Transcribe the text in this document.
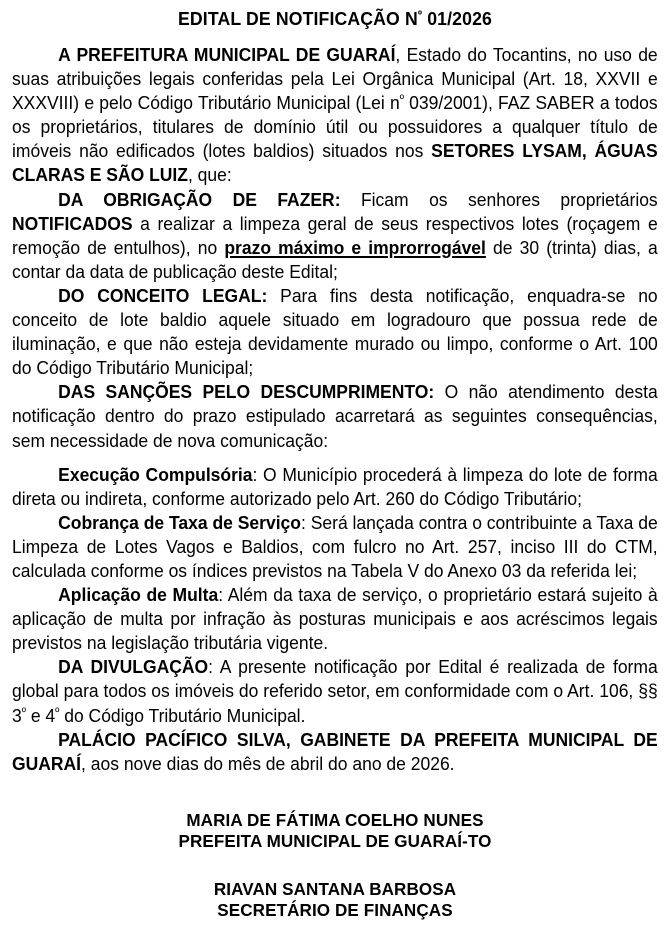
EDITAL DE NOTIFICAÇÃO $N^º$ 01/2026

A PREFEITURA MUNICIPAL DE GUARAÍ, Estado do Tocantins, no uso de suas atribuições legais conferidas pela Lei Orgânica Municipal (Art. 18, XXVII e XXXVIII) e pelo Código Tributário Municipal (Lei $n^º$ 039/2001), FAZ SABER a todos os proprietários, titulares de domínio útil ou possuidores a qualquer título de imóveis não edificados (lotes baldios) situados nos SETORES LYSAM, ÁGUAS CLARAS E SÃO LUIZ, que:

DA OBRIGAÇÃO DE FAZER: Ficam os senhores proprietários NOTIFICADOS a realizar a limpeza geral de seus respectivos lotes (roçagem e remoção de entulhos), no prazo máximo e improrrogável de 30 (trinta) dias, a contar da data de publicação deste Edital;

DO CONCEITO LEGAL: Para fins desta notificação, enquadra-se no conceito de lote baldio aquele situado em logradouro que possua rede de iluminação, e que não esteja devidamente murado ou limpo, conforme o Art. 100 do Código Tributário Municipal;

DAS SANÇÕES PELO DESCUMPRIMENTO: O não atendimento desta notificação dentro do prazo estipulado acarretará as seguintes consequências, sem necessidade de nova comunicação:

Execução Compulsória: O Município procederá à limpeza do lote de forma direta ou indireta, conforme autorizado pelo Art. 260 do Código Tributário;

Cobrança de Taxa de Serviço: Será lançada contra o contribuinte a Taxa de Limpeza de Lotes Vagos e Baldios, com fulcro no Art. 257, inciso III do CTM, calculada conforme os índices previstos na Tabela V do Anexo 03 da referida lei;

Aplicação de Multa: Além da taxa de serviço, o proprietário estará sujeito à aplicação de multa por infração às posturas municipais e aos acréscimos legais previstos na legislação tributária vigente.

DA DIVULGAÇÃO: A presente notificação por Edital é realizada de forma global para todos os imóveis do referido setor, em conformidade com o Art. 106, §§ $3^º$ e $4^º$ do Código Tributário Municipal.

PALÁCIO PACÍFICO SILVA, GABINETE DA PREFEITA MUNICIPAL DE GUARAÍ, aos nove dias do mês de abril do ano de 2026.

MARIA DE FÁTIMA COELHO NUNES
PREFEITA MUNICIPAL DE GUARAÍ-TO
RIAVAN SANTANA BARBOSA
SECRETÁRIO DE FINANÇAS
